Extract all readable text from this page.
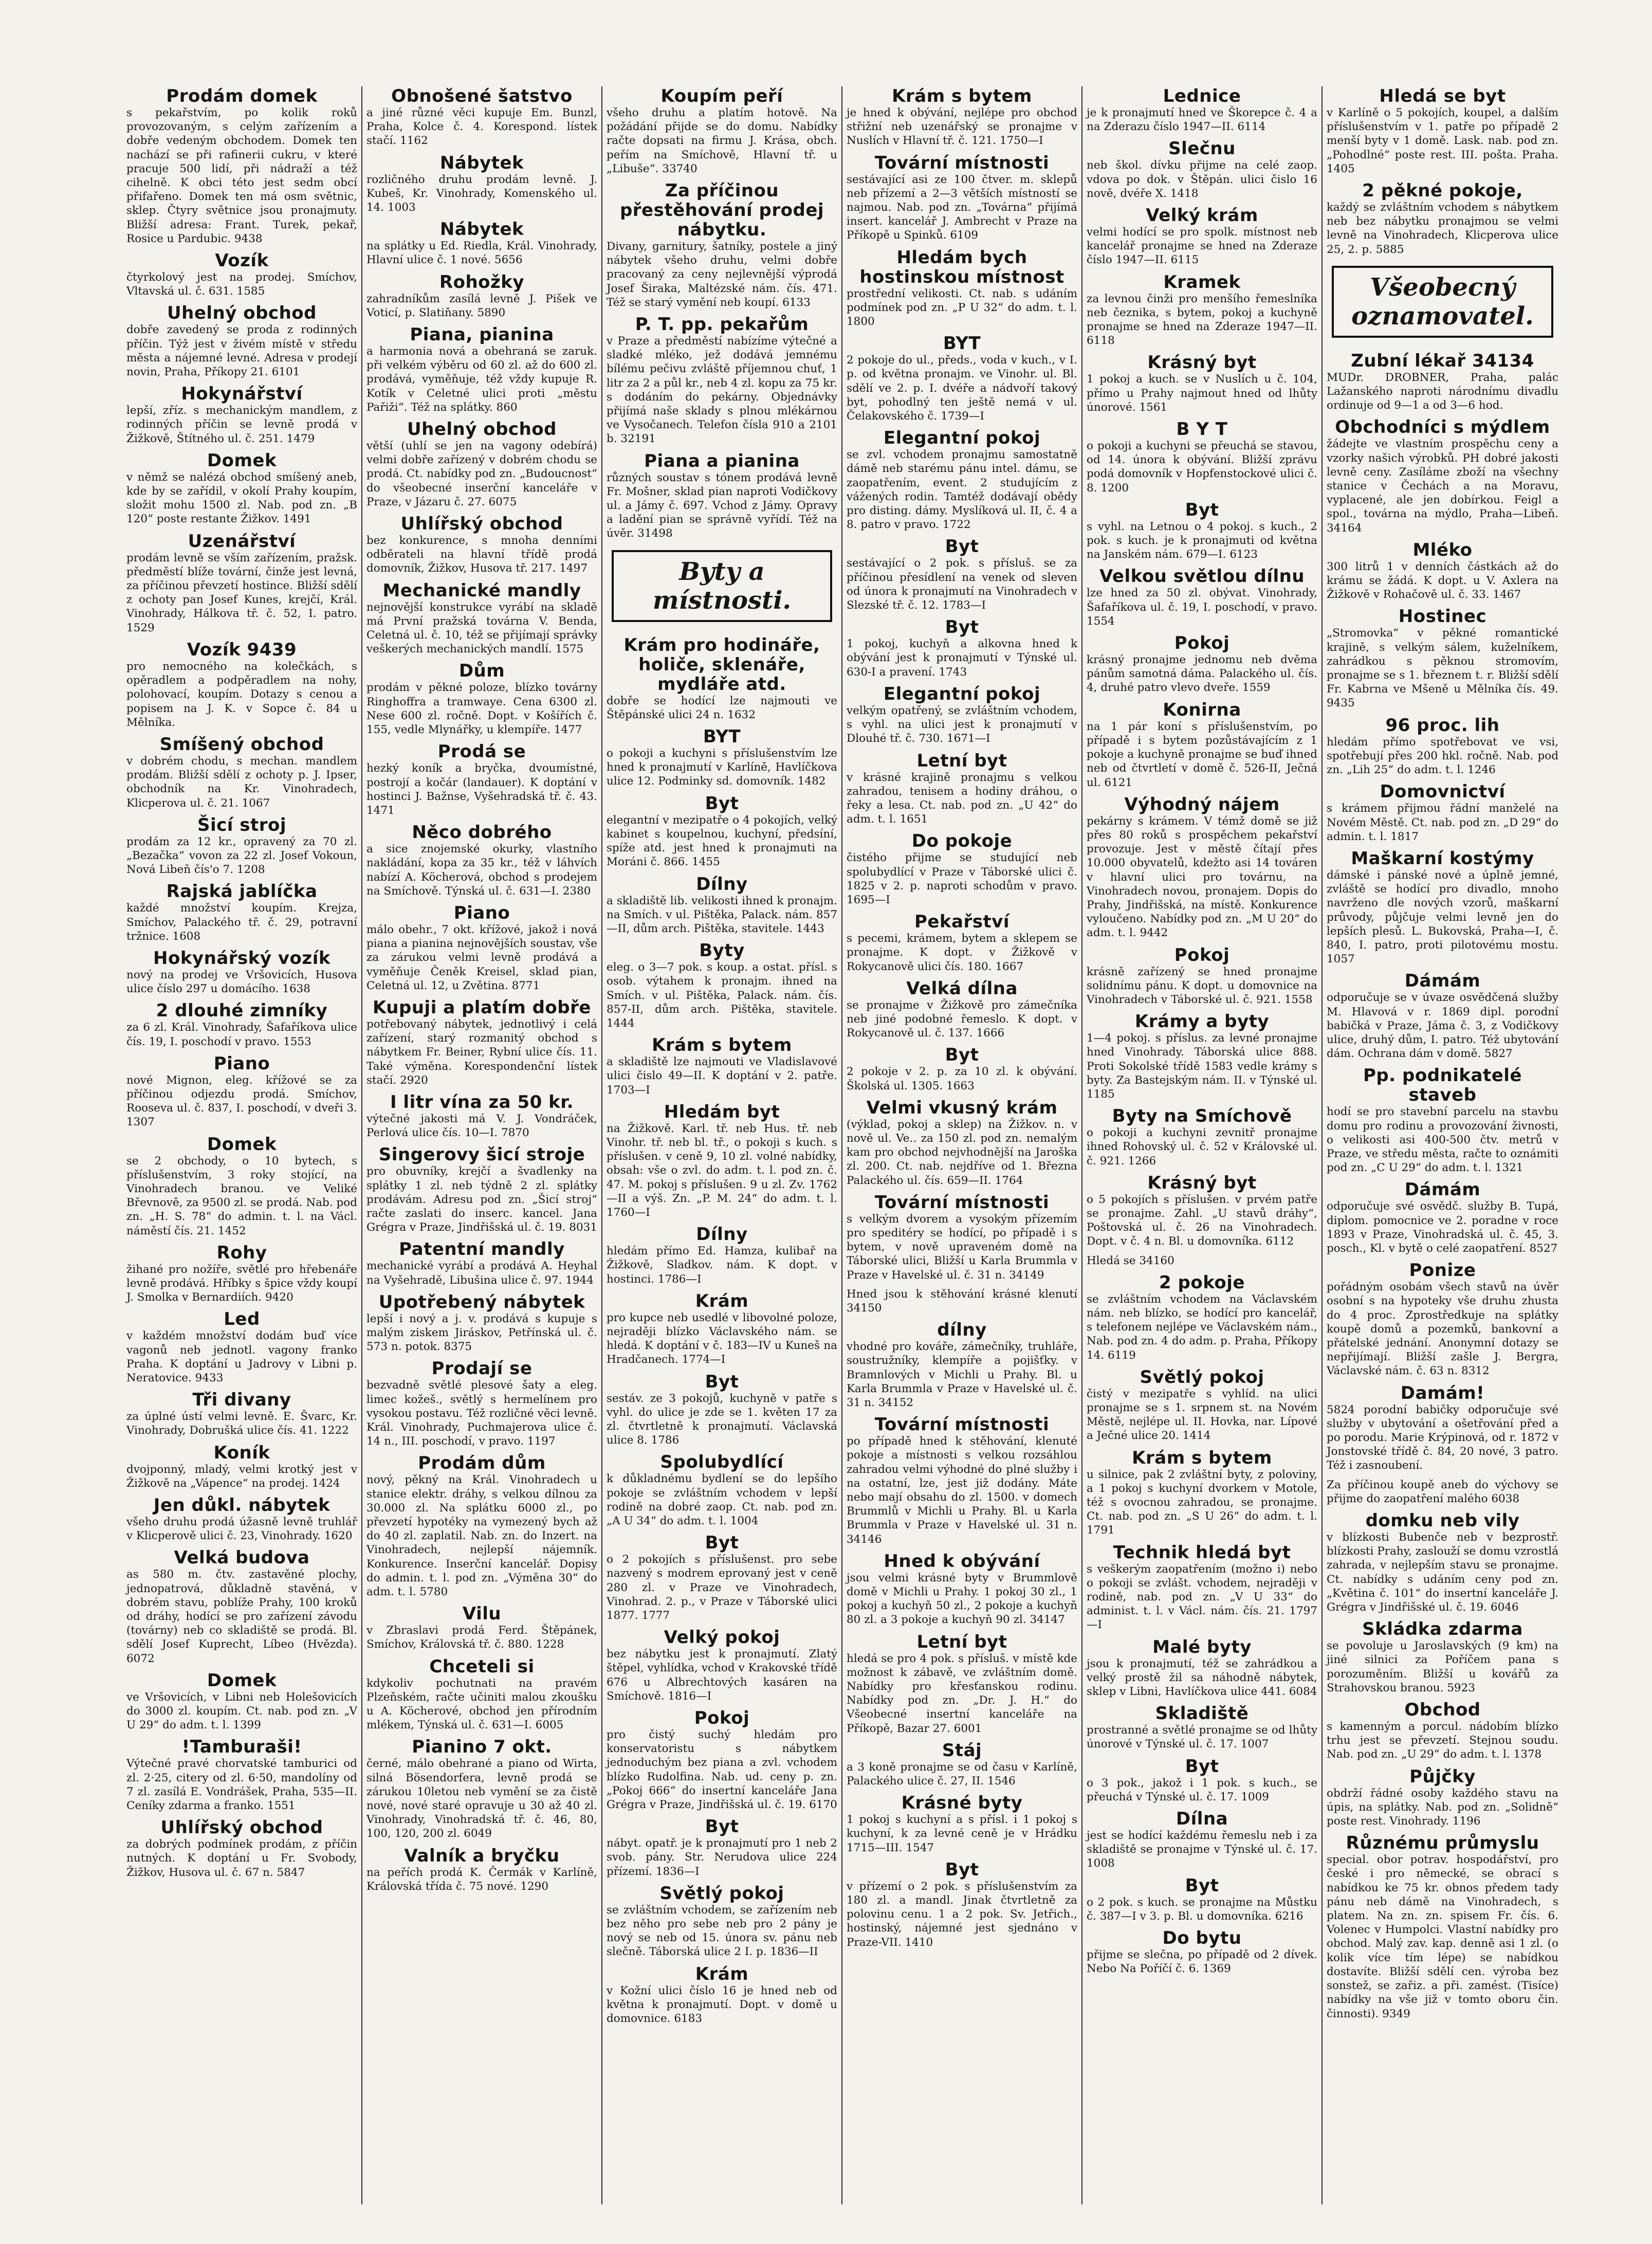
Prodám domek
s pekařstvím, po kolik roků provozovaným, s celým zařízením a dobře vedeným obchodem. Domek ten nachází se při rafinerii cukru, v které pracuje 500 lidí, při nádraží a též cihelně. K obci této jest sedm obcí přifařeno. Domek ten má osm světnic, sklep. Čtyry světnice jsou pronajmuty. Bližší adresa: Frant. Turek, pekař, Rosice u Pardubic. 9438
Vozík
čtyrkolový jest na prodej. Smíchov, Vltavská ul. č. 631. 1585
Uhelný obchod
dobře zavedený se proda z rodinných příčin. Týž jest v živém místě v středu města a nájemné levné. Adresa v prodejí novin, Praha, Příkopy 21. 6101
Hokynářství
lepší, zříz. s mechanickým mandlem, z rodinných příčin se levně prodá v Žižkově, Štítného ul. č. 251. 1479
Domek
v němž se nalézá obchod smíšený aneb, kde by se zařídil, v okolí Prahy koupím, složit mohu 1500 zl. Nab. pod zn. „B 120“ poste restante Žižkov. 1491
Uzenářství
prodám levně se vším zařízením, pražsk. předměstí blíže tovární, činže jest levná, za příčinou převzetí hostince. Bližší sdělí z ochoty pan Josef Kunes, krejčí, Král. Vinohrady, Hálkova tř. č. 52, I. patro. 1529
Vozík 9439
pro nemocného na kolečkách, s opěradlem a podpěradlem na nohy, polohovací, koupím. Dotazy s cenou a popisem na J. K. v Sopce č. 84 u Mělníka.
Smíšený obchod
v dobrém chodu, s mechan. mandlem prodám. Bližší sdělí z ochoty p. J. Ipser, obchodník na Kr. Vinohradech, Klicperova ul. č. 21. 1067
Šicí stroj
prodám za 12 kr., opravený za 70 zl. „Bezačka“ vovon za 22 zl. Josef Vokoun, Nová Libeň čís'o 7. 1208
Rajská jablíčka
každé množství koupím. Krejza, Smíchov, Palackého tř. č. 29, potravní tržnice. 1608
Hokynářský vozík
nový na prodej ve Vršovicích, Husova ulice číslo 297 u domácího. 1638
2 dlouhé zimníky
za 6 zl. Král. Vinohrady, Šafaříkova ulice čís. 19, I. poschodí v pravo. 1553
Piano
nové Mignon, eleg. křížové se za příčinou odjezdu prodá. Smíchov, Rooseva ul. č. 837, I. poschodí, v dveři 3. 1307
Domek
se 2 obchody, o 10 bytech, s příslušenstvím, 3 roky stojící, na Vinohradech branou. ve Veliké Břevnově, za 9500 zl. se prodá. Nab. pod zn. „H. S. 78“ do admin. t. l. na Václ. náměstí čís. 21. 1452
Rohy
žihané pro nožíře, světlé pro hřebenáře levně prodává. Hříbky s špice vždy koupí J. Smolka v Bernardiích. 9420
Led
v každém množství dodám buď více vagonů neb jednotl. vagony franko Praha. K doptání u Jadrovy v Libni p. Neratovice. 9433
Tři divany
za úplné ústí velmi levně. E. Švarc, Kr. Vinohrady, Dobrušká ulice čís. 41. 1222
Koník
dvojponný, mladý, velmi krotký jest v Žižkově na „Vápence“ na prodej. 1424
Jen důkl. nábytek
všeho druhu prodá úžasně levně truhlář v Klicperově ulici č. 23, Vinohrady. 1620
Velká budova
as 580 m. čtv. zastavěné plochy, jednopatrová, důkladně stavěná, v dobrém stavu, poblíže Prahy, 100 kroků od dráhy, hodící se pro zařízení závodu (továrny) neb co skladiště se prodá. Bl. sdělí Josef Kuprecht, Líbeo (Hvězda). 6072
Domek
ve Vršovicích, v Libni neb Holešovicích do 3000 zl. koupím. Ct. nab. pod zn. „V U 29“ do adm. t. l. 1399
!Tamburaši!
Výtečné pravé chorvatské tamburici od zl. 2·25, citery od zl. 6·50, mandolíny od 7 zl. zasílá E. Vondrášek, Praha, 535—II. Ceníky zdarma a franko. 1551
Uhlířský obchod
za dobrých podmínek prodám, z příčin nutných. K doptání u Fr. Svobody, Žižkov, Husova ul. č. 67 n. 5847
Obnošené šatstvo
a jiné různé věci kupuje Em. Bunzl, Praha, Kolce č. 4. Korespond. lístek stačí. 1162
Nábytek
rozličného druhu prodám levně. J. Kubeš, Kr. Vinohrady, Komenského ul. 14. 1003
Nábytek
na splátky u Ed. Riedla, Král. Vinohrady, Hlavní ulice č. 1 nové. 5656
Rohožky
zahradníkům zasílá levně J. Pišek ve Voticí, p. Slatiňany. 5890
Piana, pianina
a harmonia nová a obehraná se zaruk. při velkém výběru od 60 zl. až do 600 zl. prodává, vyměňuje, též vždy kupuje R. Kotík v Celetné ulici proti „městu Pařiži“. Též na splátky. 860
Uhelný obchod
větší (uhlí se jen na vagony odebírá) velmi dobře zařízený v dobrém chodu se prodá. Ct. nabídky pod zn. „Budoucnost“ do všeobecné inserční kanceláře v Praze, v Jázaru č. 27. 6075
Uhlířský obchod
bez konkurence, s mnoha denními odběrateli na hlavní třídě prodá domovník, Žižkov, Husova tř. 217. 1497
Mechanické mandly
nejnovější konstrukce vyrábí na skladě má První pražská továrna V. Benda, Celetná ul. č. 10, též se přijímají správky veškerých mechanických mandlí. 1575
Dům
prodám v pěkné poloze, blízko továrny Ringhoffra a tramwaye. Cena 6300 zl. Nese 600 zl. ročně. Dopt. v Košířích č. 155, vedle Mlynářky, u klempíře. 1477
Prodá se
hezký koník a bryčka, dvoumístné, postrojí a kočár (landauer). K doptání v hostinci J. Bažnse, Vyšehradská tř. č. 43. 1471
Něco dobrého
a sice znojemské okurky, vlastního nakládání, kopa za 35 kr., též v láhvích nabízí A. Köcherová, obchod s prodejem na Smíchově. Týnská ul. č. 631—I. 2380
Piano
málo obehr., 7 okt. křížové, jakož i nová piana a pianina nejnovějších soustav, vše za zárukou velmi levně prodává a vyměňuje Čeněk Kreisel, sklad pian, Celetná ul. 12, u Zvětina. 8771
Kupuji a platím dobře
potřebovaný nábytek, jednotlivý i celá zařízení, starý rozmanitý obchod s nábytkem Fr. Beiner, Rybní ulice čís. 11. Také výměna. Korespondenční lístek stačí. 2920
I litr vína za 50 kr.
výtečné jakosti má V. J. Vondráček, Perlová ulice čís. 10—I. 7870
Singerovy šicí stroje
pro obuvníky, krejčí a švadlenky na splátky 1 zl. neb týdně 2 zl. splátky prodávám. Adresu pod zn. „Šicí stroj“ račte zaslati do inserc. kancel. Jana Grégra v Praze, Jindřišská ul. č. 19. 8031
Patentní mandly
mechanické vyrábí a prodává A. Heyhal na Vyšehradě, Libušina ulice č. 97. 1944
Upotřebený nábytek
lepší i nový a j. v. prodává s kupuje s malým ziskem Jiráskov, Petřínská ul. č. 573 n. potok. 8375
Prodají se
bezvadně světlé plesové šaty a eleg. limec kožeš., světlý s hermelínem pro vysokou postavu. Též rozličné věci levně. Král. Vinohrady, Puchmajerova ulice č. 14 n., III. poschodí, v pravo. 1197
Prodám dům
nový, pěkný na Král. Vinohradech u stanice elektr. dráhy, s velkou dílnou za 30.000 zl. Na splátku 6000 zl., po převzetí hypotéky na vymezený bych až do 40 zl. zaplatil. Nab. zn. do Inzert. na Vinohradech, nejlepší nájemník. Konkurence. Inserční kancelář. Dopisy do admin. t. l. pod zn. „Výměna 30“ do adm. t. l. 5780
Vilu
v Zbraslavi prodá Ferd. Štěpánek, Smíchov, Královská tř. č. 880. 1228
Chceteli si
kdykoliv pochutnati na pravém Plzeňském, račte učiniti malou zkoušku u A. Köcherové, obchod jen přírodním mlékem, Týnská ul. č. 631—I. 6005
Pianino 7 okt.
černé, málo obehrané a piano od Wirta, silná Bösendorfera, levně prodá se zárukou 10letou neb vymění se za čistě nové, nové staré opravuje u 30 až 40 zl. Vinohrady, Vinohradská tř. č. 46, 80, 100, 120, 200 zl. 6049
Valník a bryčku
na peřích prodá K. Čermák v Karlíně, Královská třída č. 75 nové. 1290
Koupím peří
všeho druhu a platím hotově. Na požádání přijde se do domu. Nabídky račte dopsati na firmu J. Krása, obch. peřím na Smíchově, Hlavní tř. u „Libuše“. 33740
Za příčinou přestěhování prodej nábytku.
Divany, garnitury, šatníky, postele a jiný nábytek všeho druhu, velmi dobře pracovaný za ceny nejlevnější výprodá Josef Širaka, Maltézské nám. čís. 471. Též se starý vymění neb koupí. 6133
P. T. pp. pekařům
v Praze a předměstí nabízíme výtečné a sladké mléko, jež dodává jemnému bílému pečivu zvláště příjemnou chuť, 1 litr za 2 a půl kr., neb 4 zl. kopu za 75 kr. s dodáním do pekárny. Objednávky přijímá naše sklady s plnou mlékárnou ve Vysočanech. Telefon čísla 910 a 2101 b. 32191
Piana a pianina
různých soustav s tónem prodává levně Fr. Mošner, sklad pian naproti Vodičkovy ul. a Jámy č. 697. Vchod z Jámy. Opravy a ladění pian se správně vyřídí. Též na úvěr. 31498
Byty a místnosti.
Krám pro hodináře, holiče, sklenáře, mydláře atd.
dobře se hodící lze najmouti ve Štěpánské ulici 24 n. 1632
BYT
o pokoji a kuchyni s příslušenstvím lze hned k pronajmutí v Karlíně, Havlíčkova ulice 12. Podminky sd. domovník. 1482
Byt
elegantní v mezipatře o 4 pokojích, velký kabinet s koupelnou, kuchyní, předsíní, spíže atd. jest hned k pronajmuti na Moráni č. 866. 1455
Dílny
a skladiště lib. velikosti ihned k pronajm. na Smích. v ul. Pištěka, Palack. nám. 857—II, dům arch. Pištěka, stavitele. 1443
Byty
eleg. o 3—7 pok. s koup. a ostat. přísl. s osob. výtahem k pronajm. ihned na Smích. v ul. Pištěka, Palack. nám. čís. 857-II, dům arch. Pištěka, stavitele. 1444
Krám s bytem
a skladiště lze najmouti ve Vladislavové ulici čislo 49—II. K doptání v 2. patře. 1703—I
Hledám byt
na Žižkově. Karl. tř. neb Hus. tř. neb Vinohr. tř. neb bl. tř., o pokoji s kuch. s příslušen. v ceně 9, 10 zl. volné nabídky, obsah: vše o zvl. do adm. t. l. pod zn. č. 47. M. pokoj s příslušen. 9 u zl. Zv. 1762—II a výš. Zn. „P. M. 24“ do adm. t. l. 1760—I
Dílny
hledám přímo Ed. Hamza, kulibař na Žižkově, Sladkov. nám. K dopt. v hostinci. 1786—I
Krám
pro kupce neb usedlé v libovolné poloze, nejraději blízko Václavského nám. se hledá. K doptání v č. 183—IV u Kuneš na Hradčanech. 1774—I
Byt
sestáv. ze 3 pokojů, kuchyně v patře s vyhl. do ulice je zde se 1. květen 17 za zl. čtvrtletně k pronajmutí. Václavská ulice 8. 1786
Spolubydlící
k důkladnému bydlení se do lepšího pokoje se zvláštním vchodem v lepší rodině na dobré zaop. Ct. nab. pod zn. „A U 34“ do adm. t. l. 1004
Byt
o 2 pokojích s příslušenst. pro sebe nazvený s modrem eprovaný jest v ceně 280 zl. v Praze ve Vinohradech, Vinohrad. 2. p., v Praze v Táborské ulici 1877. 1777
Velký pokoj
bez nábytku jest k pronajmutí. Zlatý štěpel, vyhlídka, vchod v Krakovské třídě 676 u Albrechtových kasáren na Smíchově. 1816—I
Pokoj
pro čistý suchý hledám pro konservatoristu s nábytkem jednoduchým bez piana a zvl. vchodem blízko Rudolfina. Nab. ud. ceny p. zn. „Pokoj 666“ do insertní kanceláře Jana Grégra v Praze, Jindřišská ul. č. 19. 6170
Byt
nábyt. opatř. je k pronajmutí pro 1 neb 2 svob. pány. Str. Nerudova ulice 224 přízemí. 1836—I
Světlý pokoj
se zvláštním vchodem, se zařízením neb bez něho pro sebe neb pro 2 pány je nový se neb od 15. února sv. pánu neb slečně. Táborská ulice 2 I. p. 1836—II
Krám
v Kožní ulici číslo 16 je hned neb od května k pronajmutí. Dopt. v domě u domovnice. 6183
Krám s bytem
je hned k obývání, nejlépe pro obchod střižní neb uzenářský se pronajme v Nuslích v Hlavní tř. č. 121. 1750—I
Tovární místnosti
sestávající asi ze 100 čtver. m. sklepů neb přízemí a 2—3 větších místností se najmou. Nab. pod zn. „Továrna“ přijímá insert. kancelář J. Ambrecht v Praze na Příkopě u Spinků. 6109
Hledám bych hostinskou místnost
prostřední velikosti. Ct. nab. s udáním podmínek pod zn. „P U 32“ do adm. t. l. 1800
BYT
2 pokoje do ul., předs., voda v kuch., v I. p. od května pronajm. ve Vinohr. ul. Bl. sdělí ve 2. p. I. dvéře a nádvoří takový byt, pohodlný ten ještě nemá v ul. Čelakovského č. 1739—I
Elegantní pokoj
se zvl. vchodem pronajmu samostatně dámě neb starému pánu intel. dámu, se zaopatřením, event. 2 studujícím z vážených rodin. Tamtéž dodávají obědy pro disting. dámy. Myslíková ul. II, č. 4 a 8. patro v pravo. 1722
Byt
sestávající o 2 pok. s přísluš. se za příčinou přesídlení na venek od sleven od února k pronajmutí na Vinohradech v Slezské tř. č. 12. 1783—I
Byt
1 pokoj, kuchyň a alkovna hned k obývání jest k pronajmutí v Týnské ul. 630-I a pravení. 1743
Elegantní pokoj
velkým opatřený, se zvláštním vchodem, s vyhl. na ulici jest k pronajmutí v Dlouhé tř. č. 730. 1671—I
Letní byt
v krásné krajině pronajmu s velkou zahradou, tenisem a hodiny dráhou, o řeky a lesa. Ct. nab. pod zn. „U 42“ do adm. t. l. 1651
Do pokoje
čistého přijme se studující neb spolubydlící v Praze v Táborské ulici č. 1825 v 2. p. naproti schodům v pravo. 1695—I
Pekařství
s pecemi, krámem, bytem a sklepem se pronajme. K dopt. v Žižkově v Rokycanově ulici čís. 180. 1667
Velká dílna
se pronajme v Žižkově pro zámečníka neb jiné podobné řemeslo. K dopt. v Rokycanově ul. č. 137. 1666
Byt
2 pokoje v 2. p. za 10 zl. k obývání. Školská ul. 1305. 1663
Velmi vkusný krám
(výklad, pokoj a sklep) na Žižkov. n. v nově ul. Ve.. za 150 zl. pod zn. nemalým kam pro obchod nejvhodnější na Jaroška zl. 200. Ct. nab. nejdříve od 1. Března Palackého ul. čís. 659—II. 1764
Tovární místnosti
s velkým dvorem a vysokým přízemím pro speditéry se hodící, po případě i s bytem, v nově upraveném domě na Táborské ulici, Bližší u Karla Brummla v Praze v Havelské ul. č. 31 n. 34149
Hned jsou k stěhování krásné klenutí 34150
dílny
vhodné pro kováře, zámečníky, truhláře, soustružníky, klempíře a pojišťky. v Bramnlových v Michli u Prahy. Bl. u Karla Brummla v Praze v Havelské ul. č. 31 n. 34152
Tovární místnosti
po případě hned k stěhování, klenuté pokoje a místnosti s velkou rozsáhlou zahradou velmi výhodné do plné služby i na ostatní, lze, jest již dodány. Máte nebo mají obsahu do zl. 1500. v domech Brummlů v Michli u Prahy. Bl. u Karla Brummla v Praze v Havelské ul. 31 n. 34146
Hned k obývání
jsou velmi krásné byty v Brummlově domě v Michli u Prahy. 1 pokoj 30 zl., 1 pokoj a kuchyň 50 zl., 2 pokoje a kuchyň 80 zl. a 3 pokoje a kuchyň 90 zl. 34147
Letní byt
hledá se pro 4 pok. s přísluš. v místě kde možnost k zábavě, ve zvláštním domě. Nabídky pro křesťanskou rodinu. Nabídky pod zn. „Dr. J. H.“ do Všeobecné insertní kanceláře na Příkopě, Bazar 27. 6001
Stáj
a 3 koně pronajme se od času v Karlíně, Palackého ulice č. 27, II. 1546
Krásné byty
1 pokoj s kuchyní a s přísl. i 1 pokoj s kuchyní, k za levné ceně je v Hrádku 1715—III. 1547
Byt
v přízemí o 2 pok. s příslušenstvím za 180 zl. a mandl. Jinak čtvrtletně za polovinu cenu. 1 a 2 pok. Sv. Jetřich., hostinský, nájemné jest sjednáno v Praze-VII. 1410
Lednice
je k pronajmutí hned ve Škorepce č. 4 a na Zderazu číslo 1947—II. 6114
Slečnu
neb škol. dívku přijme na celé zaop. vdova po dok. v Štěpán. ulici čislo 16 nově, dvéře X. 1418
Velký krám
velmi hodící se pro spolk. místnost neb kancelář pronajme se hned na Zderaze číslo 1947—II. 6115
Kramek
za levnou činži pro menšího řemeslníka neb čeznika, s bytem, pokoj a kuchyně pronajme se hned na Zderaze 1947—II. 6118
Krásný byt
1 pokoj a kuch. se v Nuslích u č. 104, přímo u Prahy najmout hned od lhůty únorové. 1561
B Y T
o pokoji a kuchyni se přeuchá se stavou, od 14. února k obývání. Bližší zprávu podá domovník v Hopfenstockové ulici č. 8. 1200
Byt
s vyhl. na Letnou o 4 pokoj. s kuch., 2 pok. s kuch. je k pronajmuti od května na Janském nám. 679—I. 6123
Velkou světlou dílnu
lze hned za 50 zl. obývat. Vinohrady, Šafaříkova ul. č. 19, I. poschodí, v pravo. 1554
Pokoj
krásný pronajme jednomu neb dvěma pánům samotná dáma. Palackého ul. čís. 4, druhé patro vlevo dveře. 1559
Konirna
na 1 pár koní s příslušenstvím, po případě i s bytem pozůstávajícím z 1 pokoje a kuchyně pronajme se buď ihned neb od čtvrtletí v domě č. 526-II, Ječná ul. 6121
Výhodný nájem
pekárny s krámem. V témž domě se již přes 80 roků s prospěchem pekařství provozuje. Jest v městě čítají přes 10.000 obyvatelů, kdežto asi 14 továren v hlavní ulici pro továrnu, na Vinohradech novou, pronajem. Dopis do Prahy, Jindřišská, na místě. Konkurence vyloučeno. Nabídky pod zn. „M U 20“ do adm. t. l. 9442
Pokoj
krásně zařízený se hned pronajme solidnímu pánu. K dopt. u domovnice na Vinohradech v Táborské ul. č. 921. 1558
Krámy a byty
1—4 pokoj. s příslus. za levné pronajme hned Vinohrady. Táborská ulice 888. Proti Sokolské třídě 1583 vedle krámy s byty. Za Bastejským nám. II. v Týnské ul. 1185
Byty na Smíchově
o pokoji a kuchyni zevnitř pronajme ihned Rohovský ul. č. 52 v Královské ul. č. 921. 1266
Krásný byt
o 5 pokojích s příslušen. v prvém patře se pronajme. Zahl. „U stavů dráhy“, Poštovská ul. č. 26 na Vinohradech. Dopt. v č. 4 n. Bl. u domovníka. 6112
Hledá se 34160
2 pokoje
se zvláštním vchodem na Václavském nám. neb blízko, se hodící pro kancelář, s telefonem nejlépe ve Václavském nám., Nab. pod zn. 4 do adm. p. Praha, Příkopy 14. 6119
Světlý pokoj
čistý v mezipatře s vyhlíd. na ulici pronajme se s 1. srpnem st. na Novém Městě, nejlépe ul. II. Hovka, nar. Lípové a Ječné ulice 20. 1414
Krám s bytem
u silnice, pak 2 zvláštní byty, z poloviny, a 1 pokoj s kuchyní dvorkem v Motole, též s ovocnou zahradou, se pronajme. Ct. nab. pod zn. „S U 26“ do adm. t. l. 1791
Technik hledá byt
s veškerým zaopatřením (možno i) nebo o pokoji se zvlášt. vchodem, nejraději v rodině, nab. pod zn. „V U 33“ do administ. t. l. v Václ. nám. čís. 21. 1797—I
Malé byty
jsou k pronajmutí, též se zahrádkou a velký prostě žil sa náhodně nábytek, sklep v Libni, Havlíčkova ulice 441. 6084
Skladiště
prostranné a světlé pronajme se od lhůty únorové v Týnské ul. č. 17. 1007
Byt
o 3 pok., jakož i 1 pok. s kuch., se přeuchá v Týnské ul. č. 17. 1009
Dílna
jest se hodící každému řemeslu neb i za skladiště se pronajme v Týnské ul. č. 17. 1008
Byt
o 2 pok. s kuch. se pronajme na Můstku č. 387—I v 3. p. Bl. u domovníka. 6216
Do bytu
přijme se slečna, po případě od 2 dívek. Nebo Na Poříčí č. 6. 1369
Hledá se byt
v Karlíně o 5 pokojích, koupel, a dalším příslušenstvím v 1. patře po případě 2 menší byty v 1 domě. Lask. nab. pod zn. „Pohodlné“ poste rest. III. pošta. Praha. 1405
2 pěkné pokoje,
každý se zvláštním vchodem s nábytkem neb bez nábytku pronajmou se velmi levně na Vinohradech, Klicperova ulice 25, 2. p. 5885
Všeobecný oznamovatel.
Zubní lékař 34134
MUDr. DROBNER, Praha, palác Lažanského naproti národnímu divadlu ordinuje od 9—1 a od 3—6 hod.
Obchodníci s mýdlem
žádejte ve vlastním prospěchu ceny a vzorky našich výrobků. PH dobré jakosti levně ceny. Zasíláme zboží na všechny stanice v Čechách a na Moravu, vyplacené, ale jen dobírkou. Feigl a spol., továrna na mýdlo, Praha—Libeň. 34164
Mléko
300 litrů 1 v denních částkách až do krámu se žádá. K dopt. u V. Axlera na Žižkově v Rohačově ul. č. 33. 1467
Hostinec
„Stromovka“ v pěkné romantické krajině, s velkým sálem, kuželníkem, zahrádkou s pěknou stromovím, pronajme se s 1. březnem t. r. Bližší sdělí Fr. Kabrna ve Mšeně u Mělníka čís. 49. 9435
96 proc. lih
hledám přímo spotřebovat ve vsi, spotřebují přes 200 hkl. ročně. Nab. pod zn. „Lih 25“ do adm. t. l. 1246
Domovnictví
s krámem přijmou řádní manželé na Novém Městě. Ct. nab. pod zn. „D 29“ do admin. t. l. 1817
Maškarní kostýmy
dámské i pánské nové a úplně jemné, zvláště se hodící pro divadlo, mnoho navrženo dle nových vzorů, maškarní průvody, půjčuje velmi levně jen do lepších plesů. L. Bukovská, Praha—I, č. 840, I. patro, proti pilotovému mostu. 1057
Dámám
odporučuje se v úvaze osvědčená služby M. Hlavová v r. 1869 dipl. porodní babičká v Praze, Jáma č. 3, z Vodičkovy ulice, druhý dům, I. patro. Též ubytování dám. Ochrana dám v domě. 5827
Pp. podnikatelé staveb
hodí se pro stavební parcelu na stavbu domu pro rodinu a provozování živnosti, o velikosti asi 400-500 čtv. metrů v Praze, ve středu města, račte to oznámiti pod zn. „C U 29“ do adm. t. l. 1321
Dámám
odporučuje své osvědč. služby B. Tupá, diplom. pomocnice ve 2. poradne v roce 1893 v Praze, Vinohradská ul. č. 45, 3. posch., Kl. v bytě o celé zaopatření. 8527
Ponize
pořádným osobám všech stavů na úvěr osobní s na hypoteky vše druhu zhusta do 4 proc. Zprostředkuje na splátky koupě domů a pozemků, bankovní a přátelské jednání. Anonymní dotazy se nepřijímají. Bližší zašle J. Bergra, Václavské nám. č. 63 n. 8312
Damám!
5824 porodní babičky odporučuje své služby v ubytování a ošetřování před a po porodu. Marie Krýpinová, od r. 1872 v Jonstovské třídě č. 84, 20 nové, 3 patro. Též i zasnoubení.
Za příčinou koupě aneb do výchovy se přijme do zaopatření malého 6038
domku neb vily
v blízkosti Bubenče neb v bezprostř. blízkosti Prahy, zaslouží se domu vzrostlá zahrada, v nejlepším stavu se pronajme. Ct. nabídky s udáním ceny pod zn. „Květina č. 101“ do insertní kanceláře J. Grégra v Jindřišské ul. č. 19. 6046
Skládka zdarma
se povoluje u Jaroslavských (9 km) na jiné silnici za Poříčem pana s porozuměním. Bližší u kovářů za Strahovskou branou. 5923
Obchod
s kamenným a porcul. nádobím blízko trhu jest se převzetí. Stejnou soudu. Nab. pod zn. „U 29“ do adm. t. l. 1378
Půjčky
obdrží řádné osoby každého stavu na úpis, na splátky. Nab. pod zn. „Solidně“ poste rest. Vinohrady. 1196
Různému průmyslu
special. obor potrav. hospodářství, pro české i pro německé, se obrací s nabídkou ke 75 kr. obnos předem tady pánu neb dámě na Vinohradech, s platem. Na zn. zn. spisem Fr. čís. 6. Volenec v Humpolci. Vlastní nabídky pro obchod. Malý zav. kap. denně asi 1 zl. (o kolik více tím lépe) se nabídkou dostavíte. Bližší sdělí cen. výroba bez sonstež, se zařiz. a při. zamést. (Tisíce) nabídky na vše již v tomto oboru čin. činnosti). 9349
